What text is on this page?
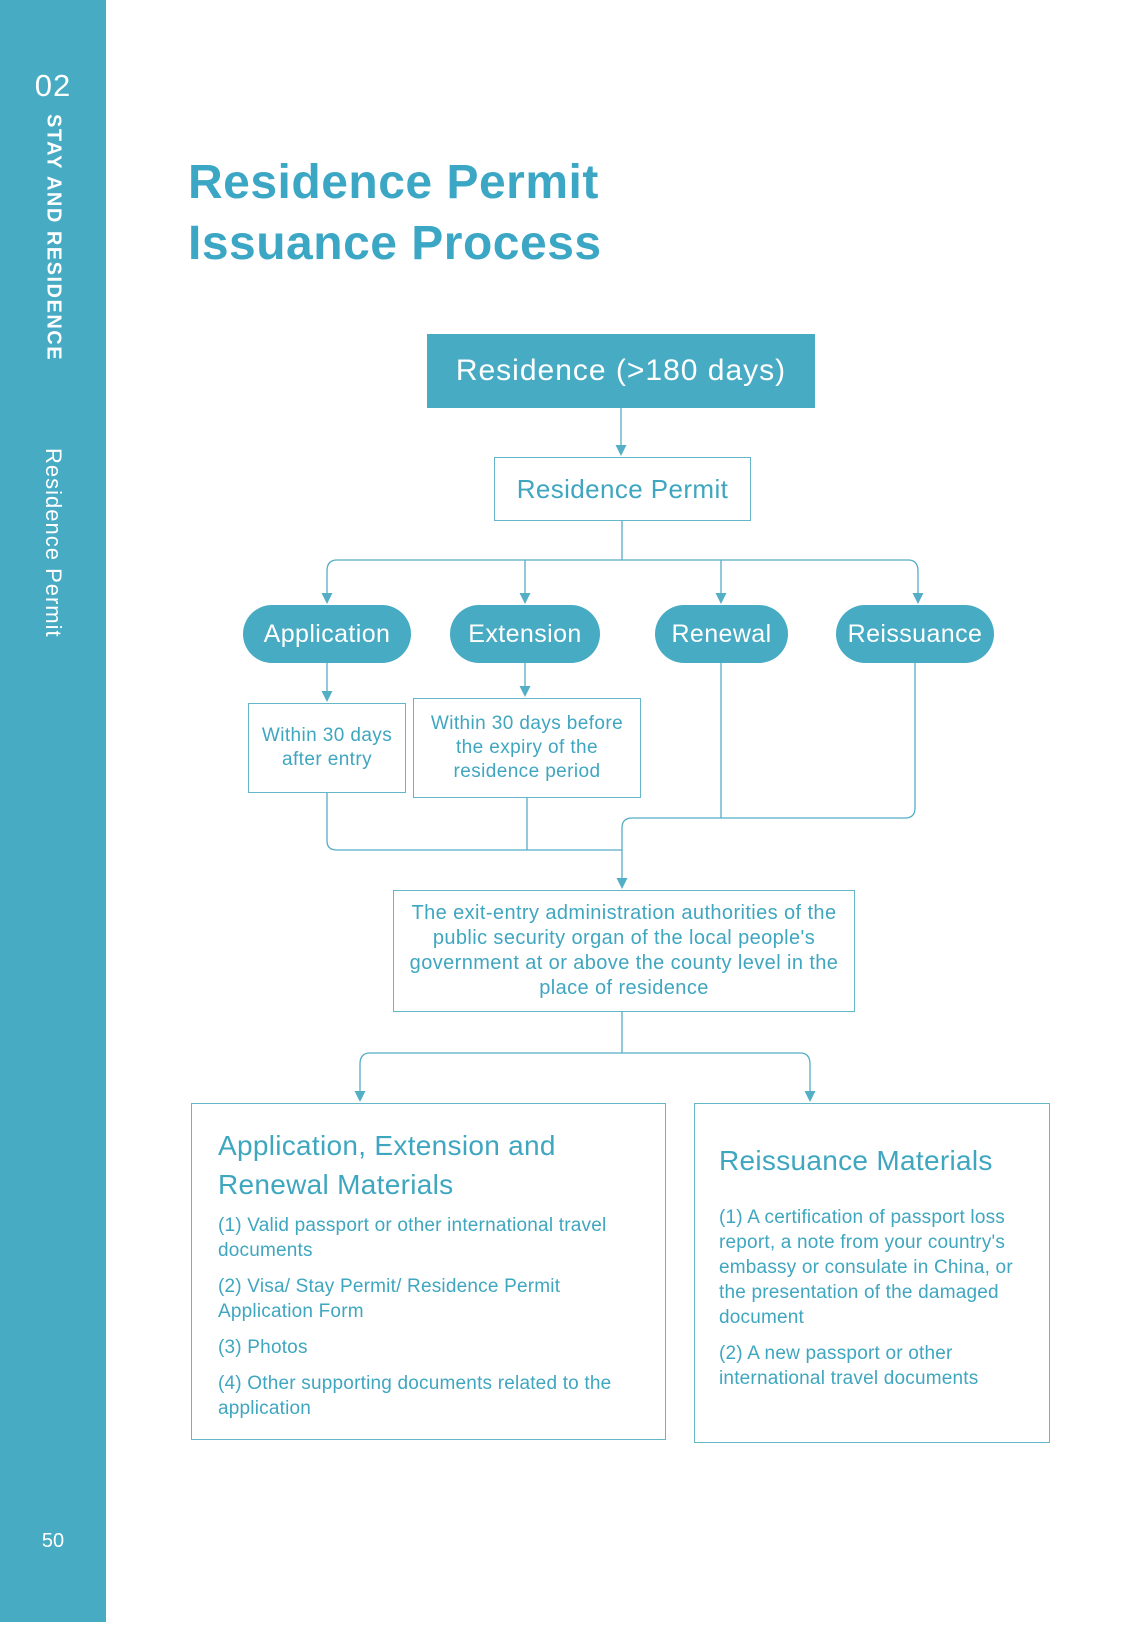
02
STAY AND RESIDENCE
Residence Permit
50
Residence Permit
Issuance Process
Residence (>180 days)
Residence Permit
Application	Extension	Renewal	Reissuance
Within 30 days after entry
Within 30 days before the expiry of the residence period
The exit-entry administration authorities of the public security organ of the local people's government at or above the county level in the place of residence
Application, Extension and Renewal Materials

(1) Valid passport or other international travel documents

(2) Visa/ Stay Permit/ Residence Permit Application Form

(3) Photos

(4) Other supporting documents related to the application

Reissuance Materials

(1) A certification of passport loss report, a note from your country's embassy or consulate in China, or the presentation of the damaged document

(2) A new passport or other international travel documents
